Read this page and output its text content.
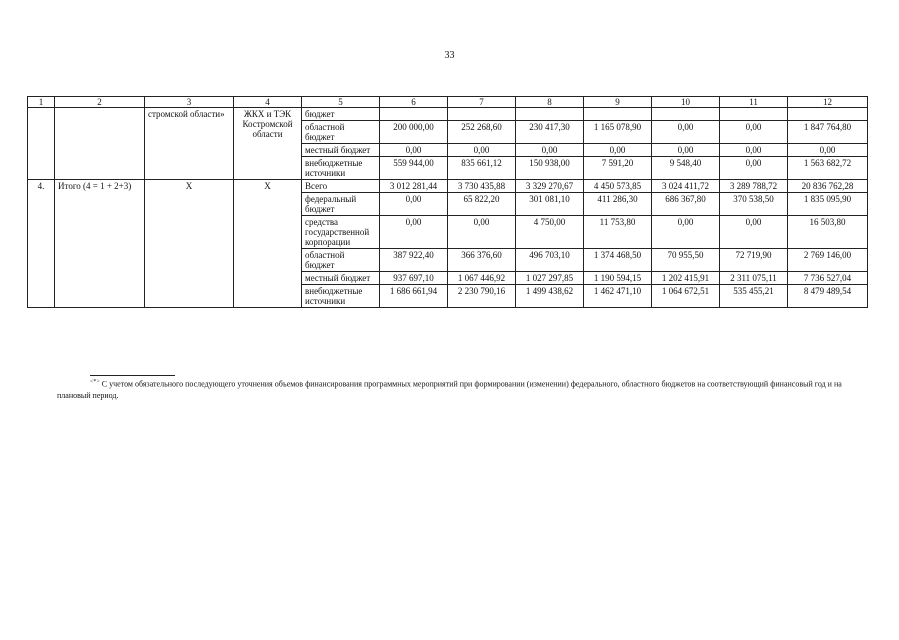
33
1	2	3	4	5	6	7	8	9	10	11	12
		стромской области»	ЖКХ и ТЭК Костромской области	бюджет							
				областной бюджет	200 000,00	252 268,60	230 417,30	1 165 078,90	0,00	0,00	1 847 764,80
				местный бюджет	0,00	0,00	0,00	0,00	0,00	0,00	0,00
				внебюджетные источники	559 944,00	835 661,12	150 938,00	7 591,20	9 548,40	0,00	1 563 682,72
4.	Итого (4 = 1 + 2+3)	Х	Х	Всего	3 012 281,44	3 730 435,88	3 329 270,67	4 450 573,85	3 024 411,72	3 289 788,72	20 836 762,28
				федеральный бюджет	0,00	65 822,20	301 081,10	411 286,30	686 367,80	370 538,50	1 835 095,90
				средства государственной корпорации	0,00	0,00	4 750,00	11 753,80	0,00	0,00	16 503,80
				областной бюджет	387 922,40	366 376,60	496 703,10	1 374 468,50	70 955,50	72 719,90	2 769 146,00
				местный бюджет	937 697,10	1 067 446,92	1 027 297,85	1 190 594,15	1 202 415,91	2 311 075,11	7 736 527,04
				внебюджетные источники	1 686 661,94	2 230 790,16	1 499 438,62	1 462 471,10	1 064 672,51	535 455,21	8 479 489,54
<*> С учетом обязательного последующего уточнения объемов финансирования программных мероприятий при формировании (изменении) федерального, областного бюджетов на соответствующий финансовый год и на плановый период.
